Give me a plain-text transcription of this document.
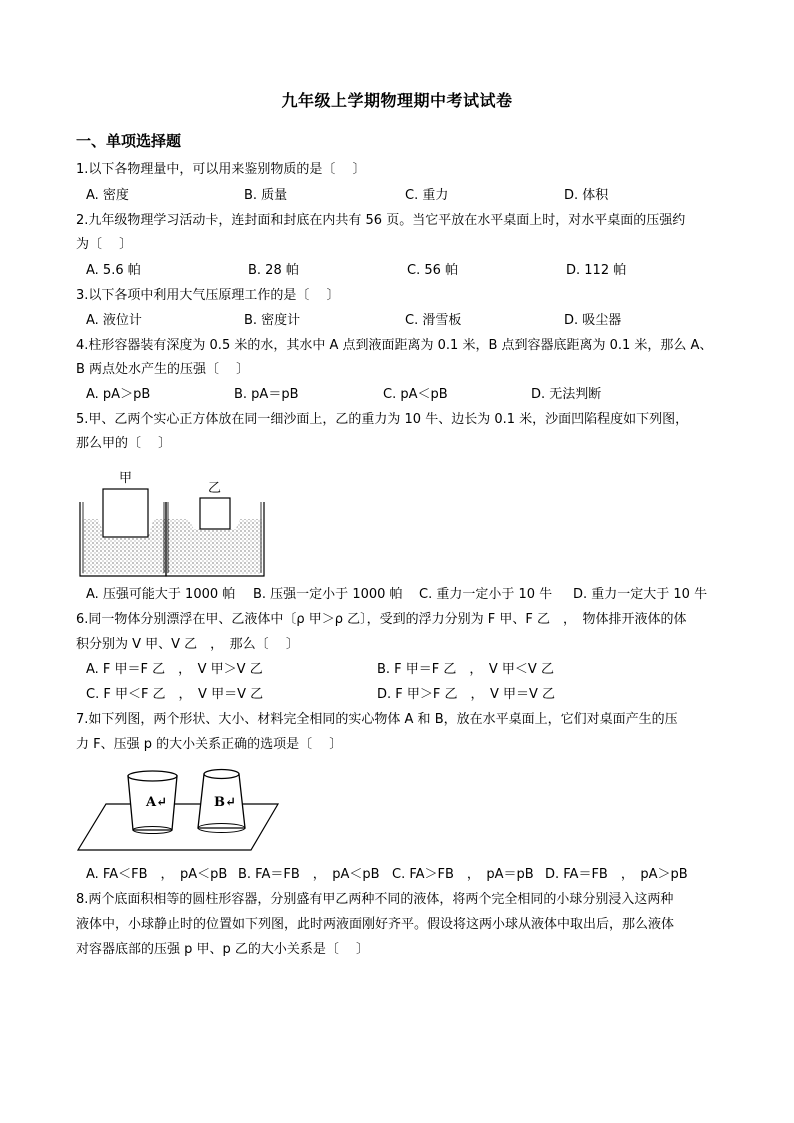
九年级上学期物理期中考试试卷
一、单项选择题
1.以下各物理量中，可以用来鉴别物质的是〔　 〕
A. 密度	B. 质量	C. 重力	D. 体积
2.九年级物理学习活动卡，连封面和封底在内共有 56 页。当它平放在水平桌面上时，对水平桌面的压强约
为〔　 〕
A. 5.6 帕	B. 28 帕	C. 56 帕	D. 112 帕
3.以下各项中利用大气压原理工作的是〔　 〕
A. 液位计	B. 密度计	C. 滑雪板	D. 吸尘器
4.柱形容器装有深度为 0.5 米的水，其水中 A 点到液面距离为 0.1 米，B 点到容器底距离为 0.1 米，那么 A、
B 两点处水产生的压强〔　 〕
A. pA＞pB	B. pA＝pB	C. pA＜pB	D. 无法判断
5.甲、乙两个实心正方体放在同一细沙面上，乙的重力为 10 牛、边长为 0.1 米，沙面凹陷程度如下列图，
那么甲的〔　 〕
甲
乙
A. 压强可能大于 1000 帕 B. 压强一定小于 1000 帕 C. 重力一定小于 10 牛 D. 重力一定大于 10 牛
6.同一物体分别漂浮在甲、乙液体中〔ρ 甲＞ρ 乙〕，受到的浮力分别为 F 甲、F 乙　，　物体排开液体的体
积分别为 V 甲、V 乙　，　那么〔　 〕
A. F 甲＝F 乙　，　V 甲＞V 乙	B. F 甲＝F 乙　，　V 甲＜V 乙
C. F 甲＜F 乙　，　V 甲＝V 乙	D. F 甲＞F 乙　，　V 甲＝V 乙
7.如下列图，两个形状、大小、材料完全相同的实心物体 A 和 B，放在水平桌面上，它们对桌面产生的压
力 F、压强 p 的大小关系正确的选项是〔　 〕
A↵	B↵
A. FA＜FB　，　pA＜pB B. FA＝FB　，　pA＜pB C. FA＞FB　，　pA＝pB D. FA＝FB　，　pA＞pB
8.两个底面积相等的圆柱形容器，分别盛有甲乙两种不同的液体，将两个完全相同的小球分别浸入这两种
液体中，小球静止时的位置如下列图，此时两液面刚好齐平。假设将这两小球从液体中取出后，那么液体
对容器底部的压强 p 甲、p 乙的大小关系是〔　 〕
